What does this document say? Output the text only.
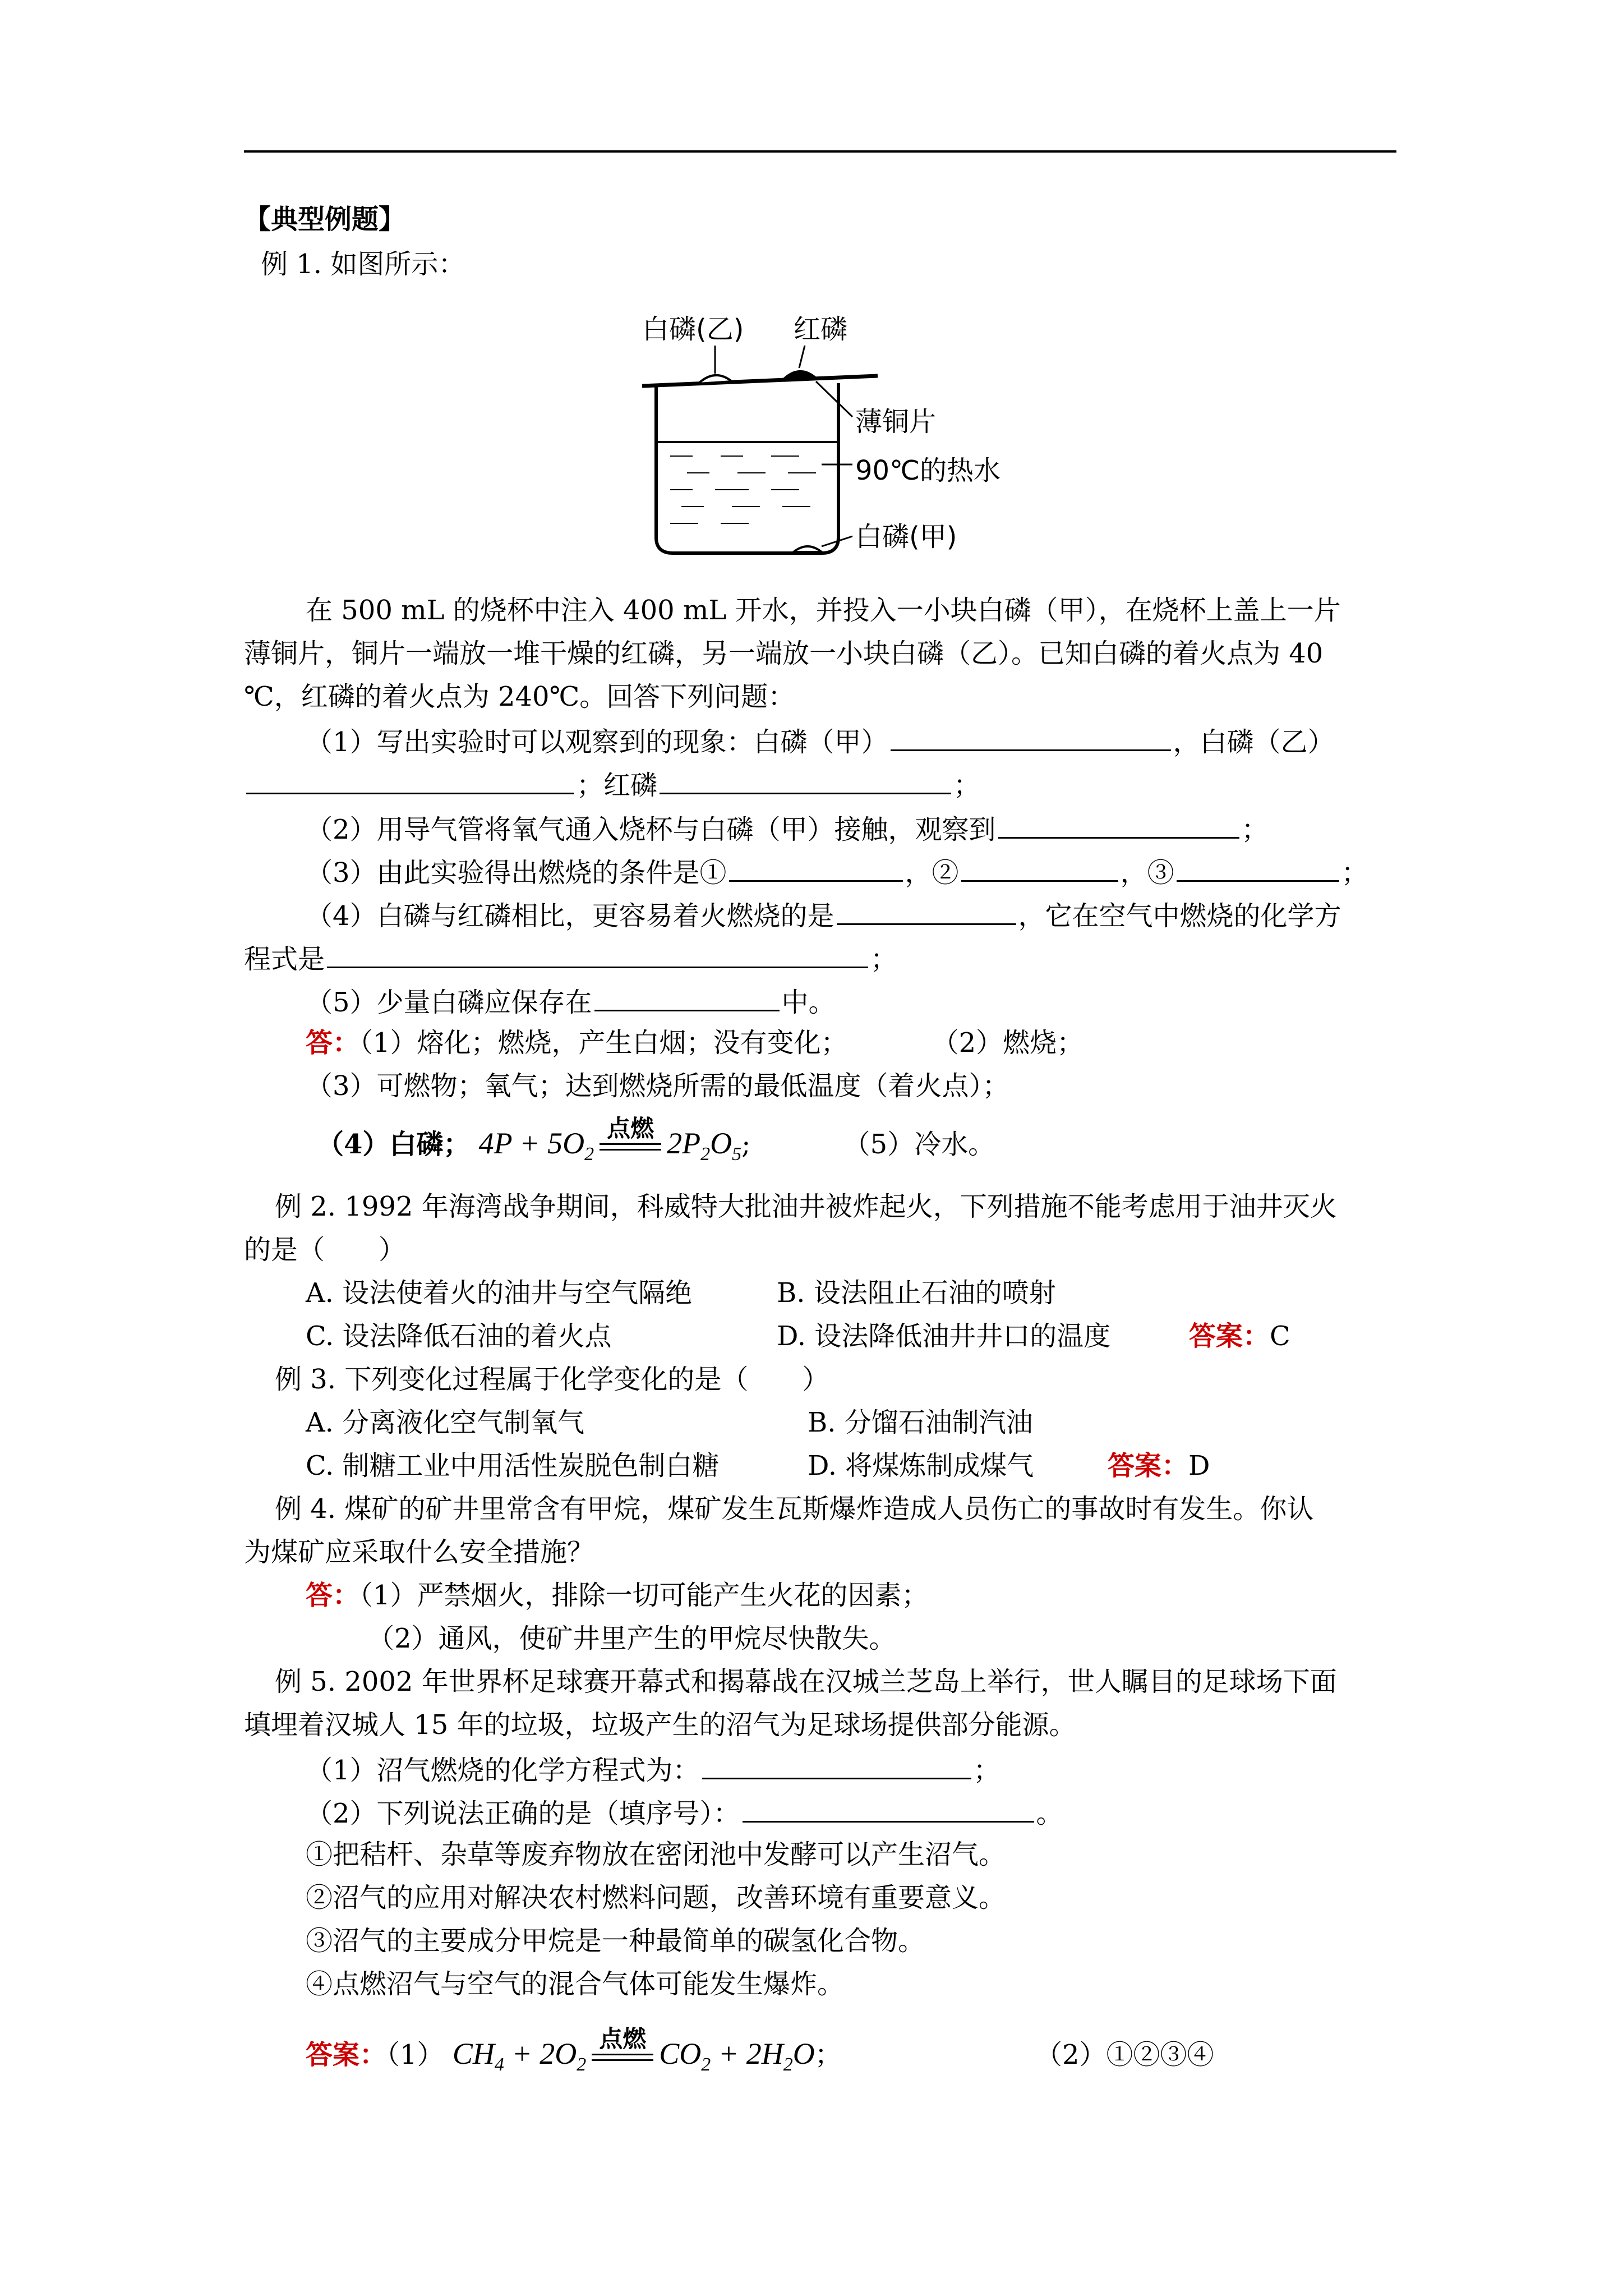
【典型例题】
例 1. 如图所示：
白磷(乙) 红磷
薄铜片
90℃的热水
白磷(甲)
在 500 mL 的烧杯中注入 400 mL 开水，并投入一小块白磷（甲），在烧杯上盖上一片
薄铜片，铜片一端放一堆干燥的红磷，另一端放一小块白磷（乙）。已知白磷的着火点为 40
℃，红磷的着火点为 240℃。回答下列问题：
（1）写出实验时可以观察到的现象：白磷（甲）	，白磷（乙）
；红磷	；
（2）用导气管将氧气通入烧杯与白磷（甲）接触，观察到	；
（3）由此实验得出燃烧的条件是①	，②	，③	；
（4）白磷与红磷相比，更容易着火燃烧的是	，它在空气中燃烧的化学方
程式是	；
（5）少量白磷应保存在	中。
答：（1）熔化；燃烧，产生白烟；没有变化；	（2）燃烧；
（3）可燃物；氧气；达到燃烧所需的最低温度（着火点）；
（4）白磷； $4P + 5O_2$
点燃 $2P_2O_5$;	（5）冷水。
例 2. 1992 年海湾战争期间，科威特大批油井被炸起火，下列措施不能考虑用于油井灭火
的是（　　）
A. 设法使着火的油井与空气隔绝	B. 设法阻止石油的喷射
C. 设法降低石油的着火点	D. 设法降低油井井口的温度	答案：C
例 3. 下列变化过程属于化学变化的是（　　）
A. 分离液化空气制氧气	B. 分馏石油制汽油
C. 制糖工业中用活性炭脱色制白糖	D. 将煤炼制成煤气	答案：D
例 4. 煤矿的矿井里常含有甲烷，煤矿发生瓦斯爆炸造成人员伤亡的事故时有发生。你认
为煤矿应采取什么安全措施？
答：（1）严禁烟火，排除一切可能产生火花的因素；
（2）通风，使矿井里产生的甲烷尽快散失。
例 5. 2002 年世界杯足球赛开幕式和揭幕战在汉城兰芝岛上举行，世人瞩目的足球场下面
填埋着汉城人 15 年的垃圾，垃圾产生的沼气为足球场提供部分能源。
（1）沼气燃烧的化学方程式为：	；
（2）下列说法正确的是（填序号）：	。
①把秸杆、杂草等废弃物放在密闭池中发酵可以产生沼气。
②沼气的应用对解决农村燃料问题，改善环境有重要意义。
③沼气的主要成分甲烷是一种最简单的碳氢化合物。
④点燃沼气与空气的混合气体可能发生爆炸。
答案：（1） $CH_4 + 2O_2$
点燃 $CO_2 + 2H_2O$；	（2）①②③④
